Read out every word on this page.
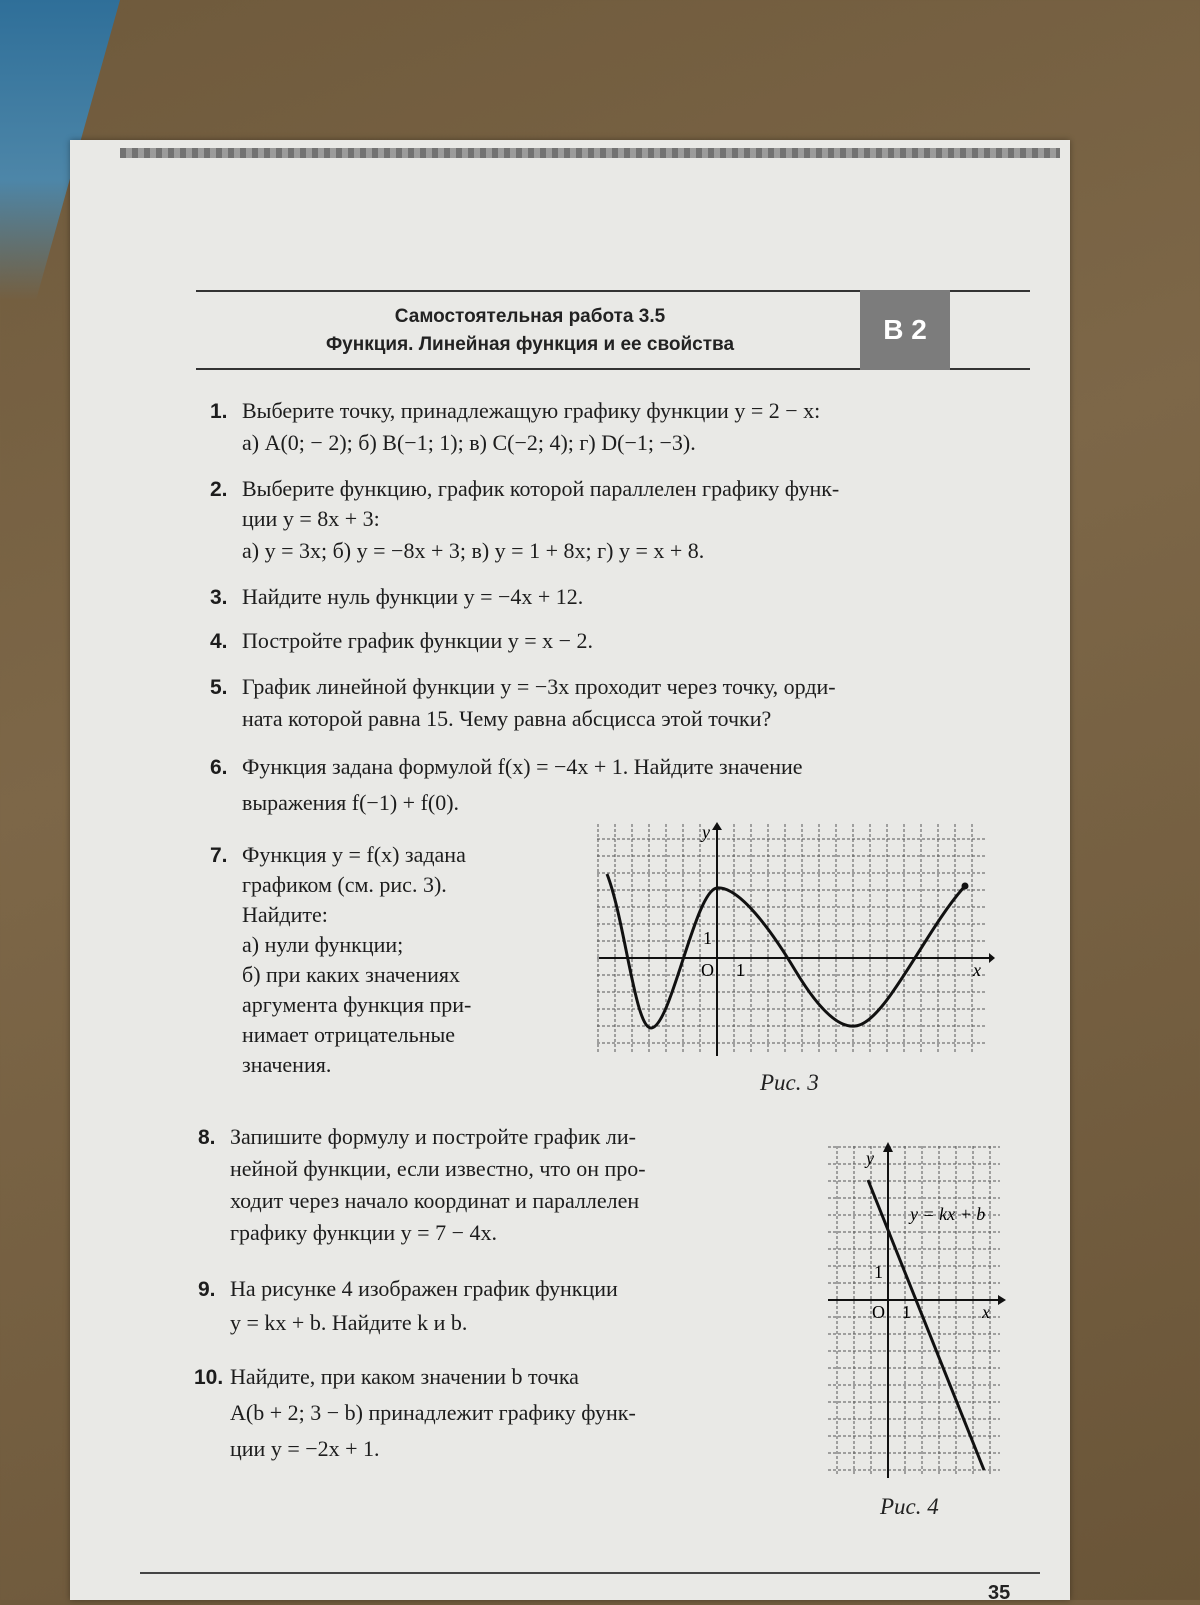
Самостоятельная работа 3.5
Функция. Линейная функция и ее свойства	В 2
1. Выберите точку, принадлежащую графику функции y = 2 − x:
а) A(0; − 2); б) B(−1; 1); в) C(−2; 4); г) D(−1; −3).
2. Выберите функцию, график которой параллелен графику функ-
ции y = 8x + 3:
а) y = 3x; б) y = −8x + 3; в) y = 1 + 8x; г) y = x + 8.
3. Найдите нуль функции y = −4x + 12.
4. Постройте график функции y = x − 2.
5. График линейной функции y = −3x проходит через точку, орди-
ната которой равна 15. Чему равна абсцисса этой точки?
6. Функция задана формулой f(x) = −4x + 1. Найдите значение
выражения f(−1) + f(0).
7. Функция y = f(x) задана
графиком (см. рис. 3).
Найдите:
а) нули функции;
б) при каких значениях
аргумента функция при-
нимает отрицательные
значения.
y
x
O 1
1
Рис. 3
8. Запишите формулу и постройте график ли-
нейной функции, если известно, что он про-
ходит через начало координат и параллелен
графику функции y = 7 − 4x.
9. На рисунке 4 изображен график функции
y = kx + b. Найдите k и b.
10. Найдите, при каком значении b точка
A(b + 2; 3 − b) принадлежит графику функ-
ции y = −2x + 1.
y
x
O 1
1
y = kx + b
Рис. 4
35
